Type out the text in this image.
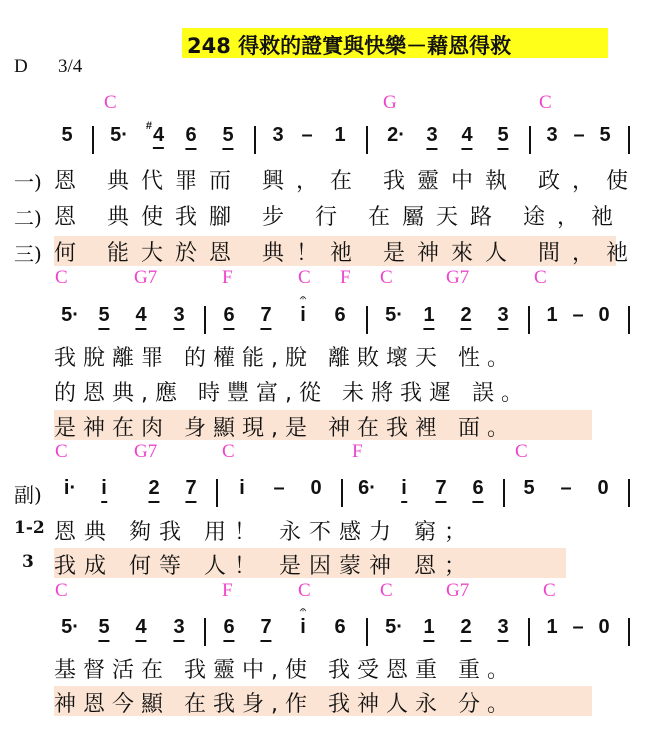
248 得救的證實與快樂－藉恩得救
D 3/4
C	G	C
5 5· #4 6 5 3 – 1 2· 3 4 5 3 – 5
一) 恩 典代罪而 興，在 我靈中執 政，使
二) 恩 典使我腳 步 行 在屬天路 途，祂
三) 何 能大於恩 典！祂 是神來人 間，祂
C	G7	F	C F C	G7	C
5· 5 4 3 6 7
𝄐
i 6 5· 1 2 3 1 – 0
我脫離罪 的權能,脫 離敗壞天 性。
的恩典,應 時豐富,從 未將我遲 誤。
是神在肉 身顯現,是 神在我裡 面。
C	G7	C	F	C
副) i· i 2 7 i – 0 6· i 7 6 5 – 0
1-2 恩典 夠我 用！ 永不感力 窮；
3 我成 何等 人！ 是因蒙神 恩；
C	F	C	C	G7	C
5· 5 4 3 6 7
𝄐
i 6 5· 1 2 3 1 – 0
基督活在 我靈中,使 我受恩重 重。
神恩今顯 在我身,作 我神人永 分。
